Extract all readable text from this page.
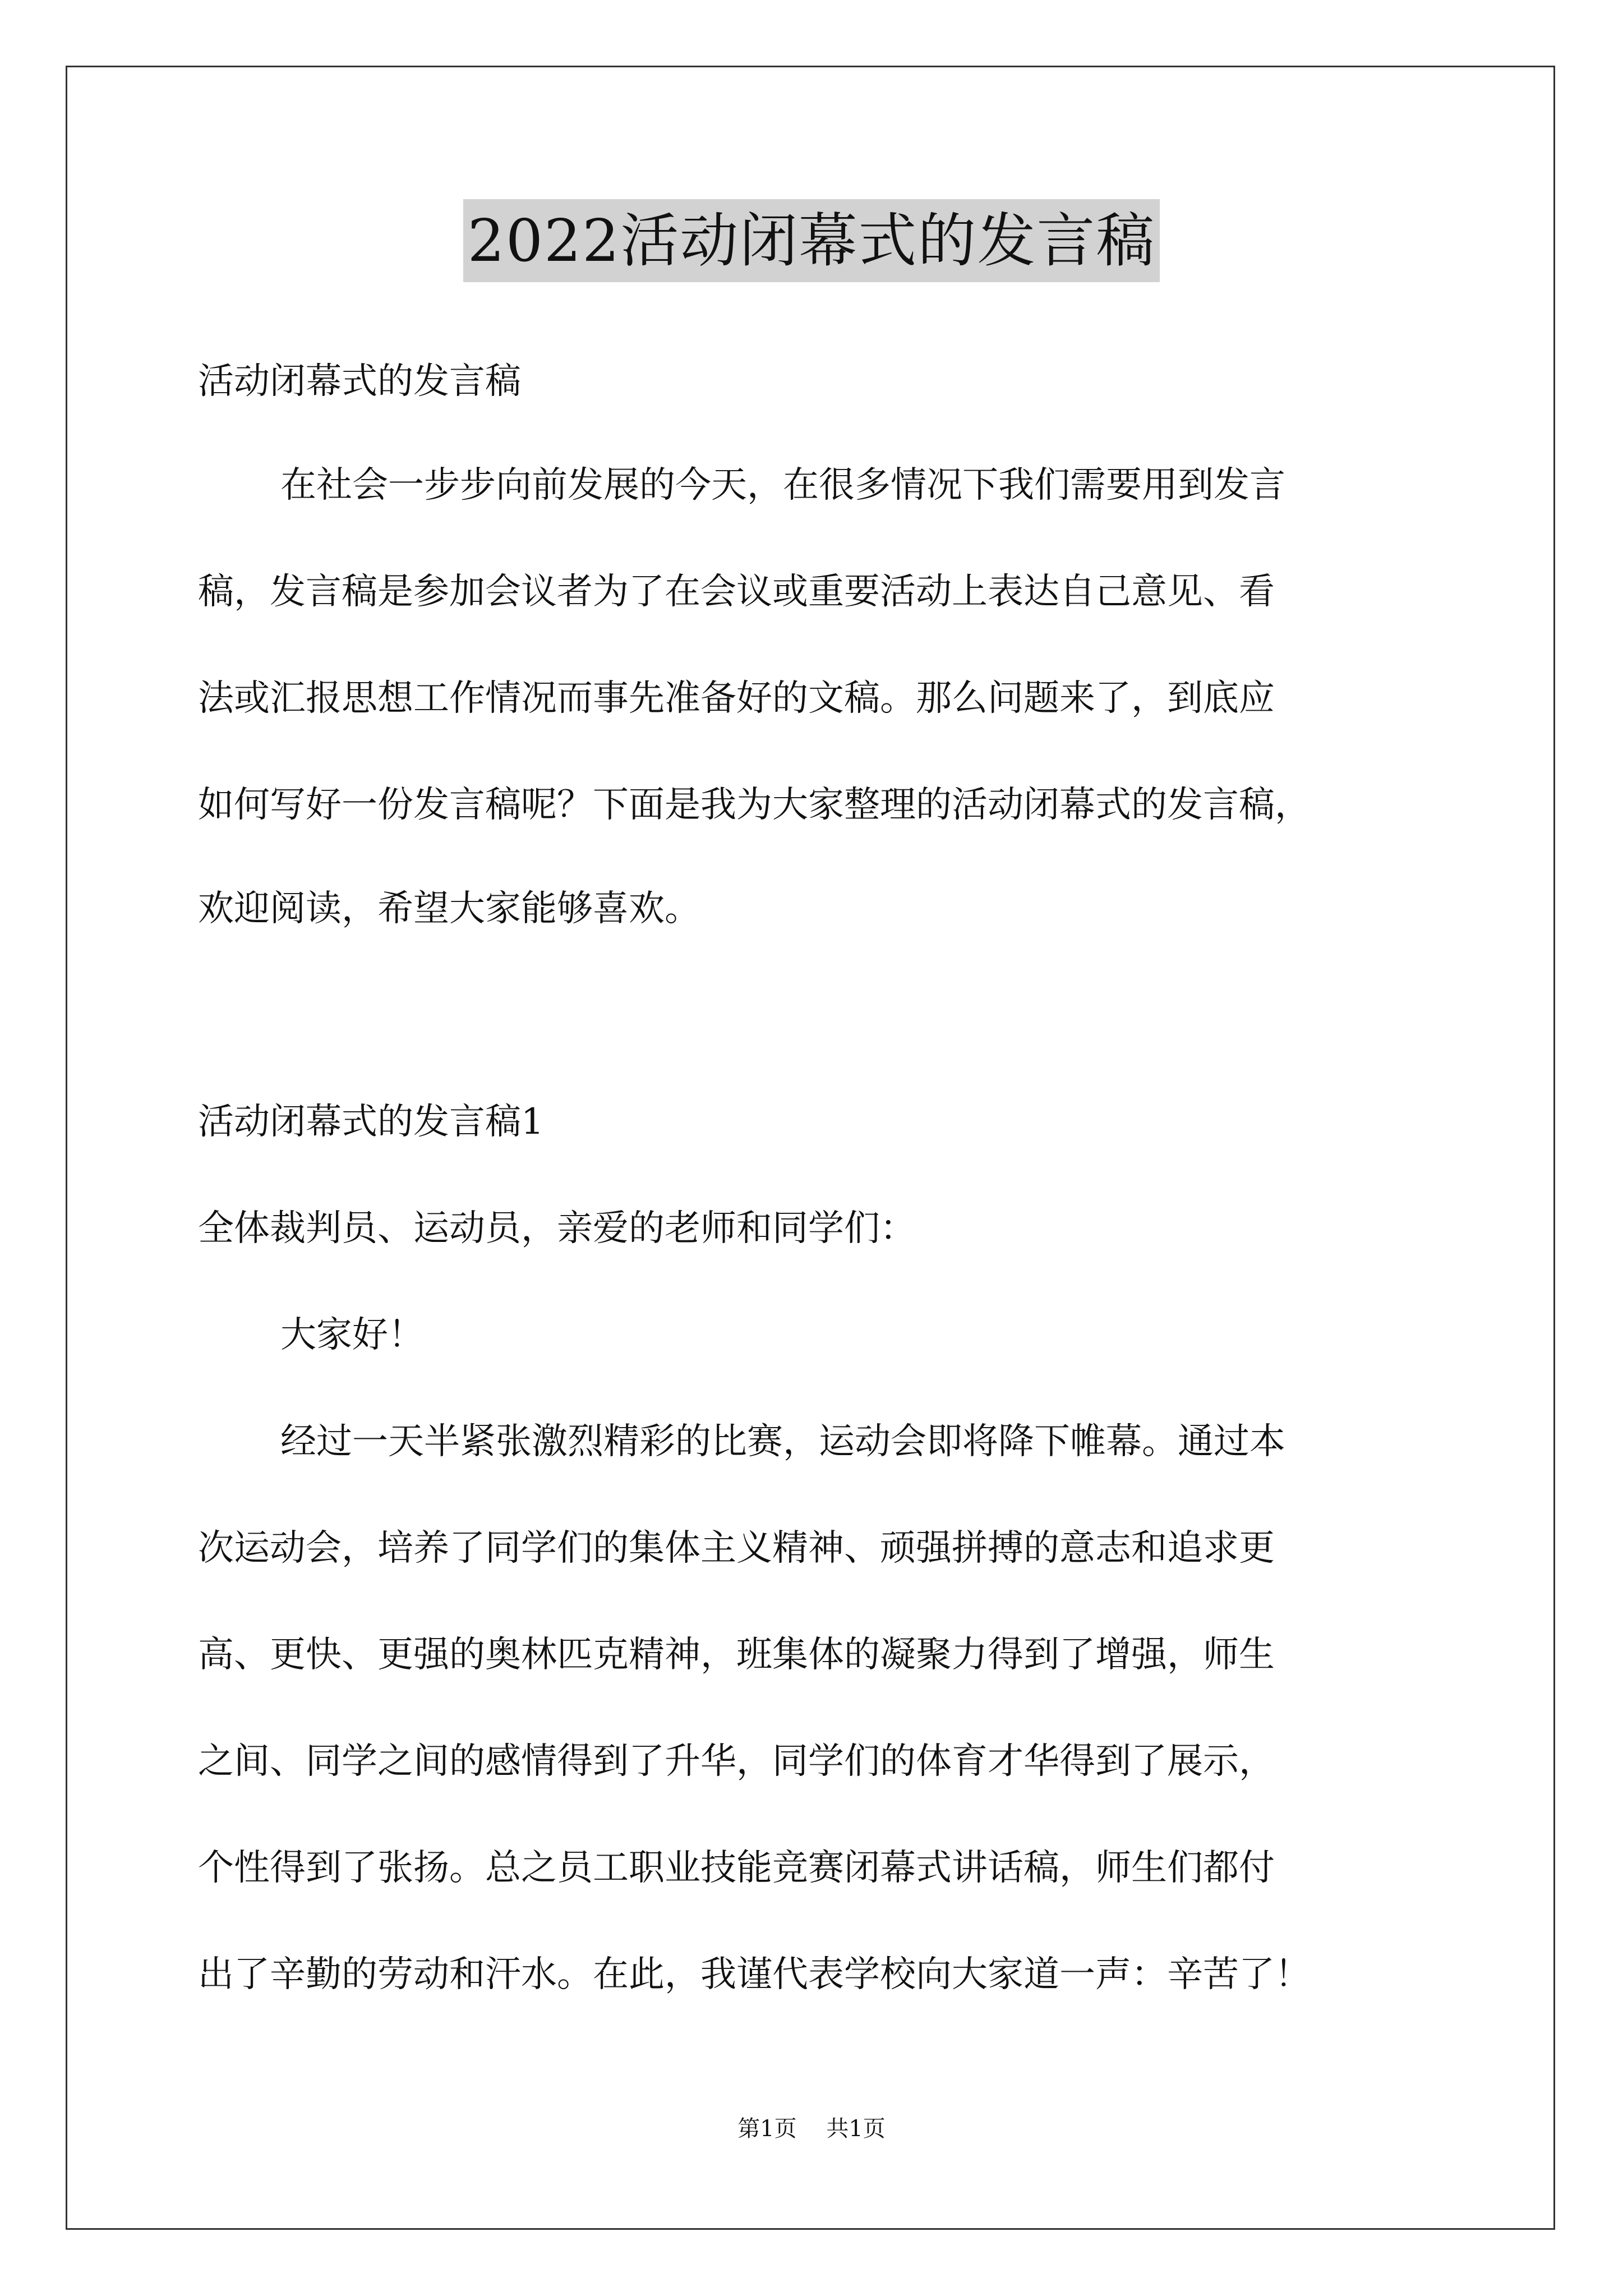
2022活动闭幕式的发言稿
活动闭幕式的发言稿
在社会一步步向前发展的今天，在很多情况下我们需要用到发言
稿，发言稿是参加会议者为了在会议或重要活动上表达自己意见、看
法或汇报思想工作情况而事先准备好的文稿。那么问题来了，到底应
如何写好一份发言稿呢？下面是我为大家整理的活动闭幕式的发言稿，
欢迎阅读，希望大家能够喜欢。
活动闭幕式的发言稿1
全体裁判员、运动员，亲爱的老师和同学们：
大家好！
经过一天半紧张激烈精彩的比赛，运动会即将降下帷幕。通过本
次运动会，培养了同学们的集体主义精神、顽强拼搏的意志和追求更
高、更快、更强的奥林匹克精神，班集体的凝聚力得到了增强，师生
之间、同学之间的感情得到了升华，同学们的体育才华得到了展示，
个性得到了张扬。总之员工职业技能竞赛闭幕式讲话稿，师生们都付
出了辛勤的劳动和汗水。在此，我谨代表学校向大家道一声：辛苦了！
第1页 共1页
